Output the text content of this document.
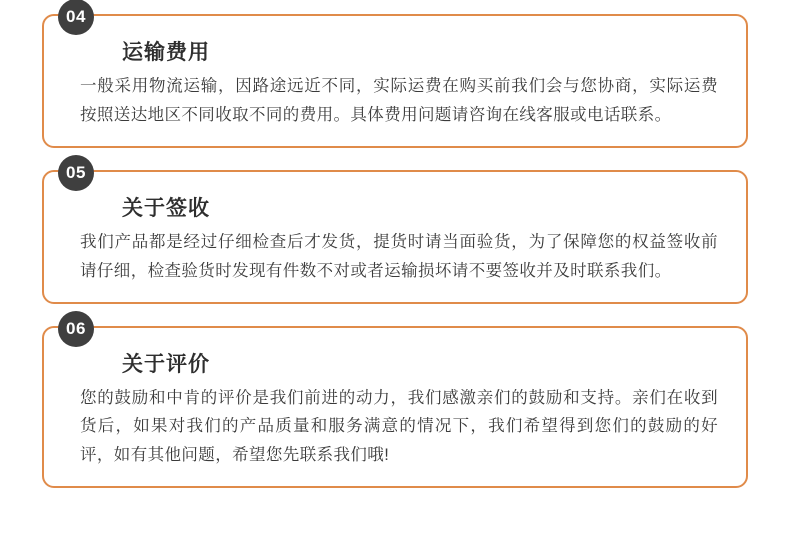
04
运输费用
一般采用物流运输，因路途远近不同，实际运费在购买前我们会与您协商，实际运费按照送达地区不同收取不同的费用。具体费用问题请咨询在线客服或电话联系。
05
关于签收
我们产品都是经过仔细检查后才发货，提货时请当面验货，为了保障您的权益签收前请仔细，检查验货时发现有件数不对或者运输损坏请不要签收并及时联系我们。
06
关于评价
您的鼓励和中肯的评价是我们前进的动力，我们感激亲们的鼓励和支持。亲们在收到货后，如果对我们的产品质量和服务满意的情况下，我们希望得到您们的鼓励的好评，如有其他问题，希望您先联系我们哦!
